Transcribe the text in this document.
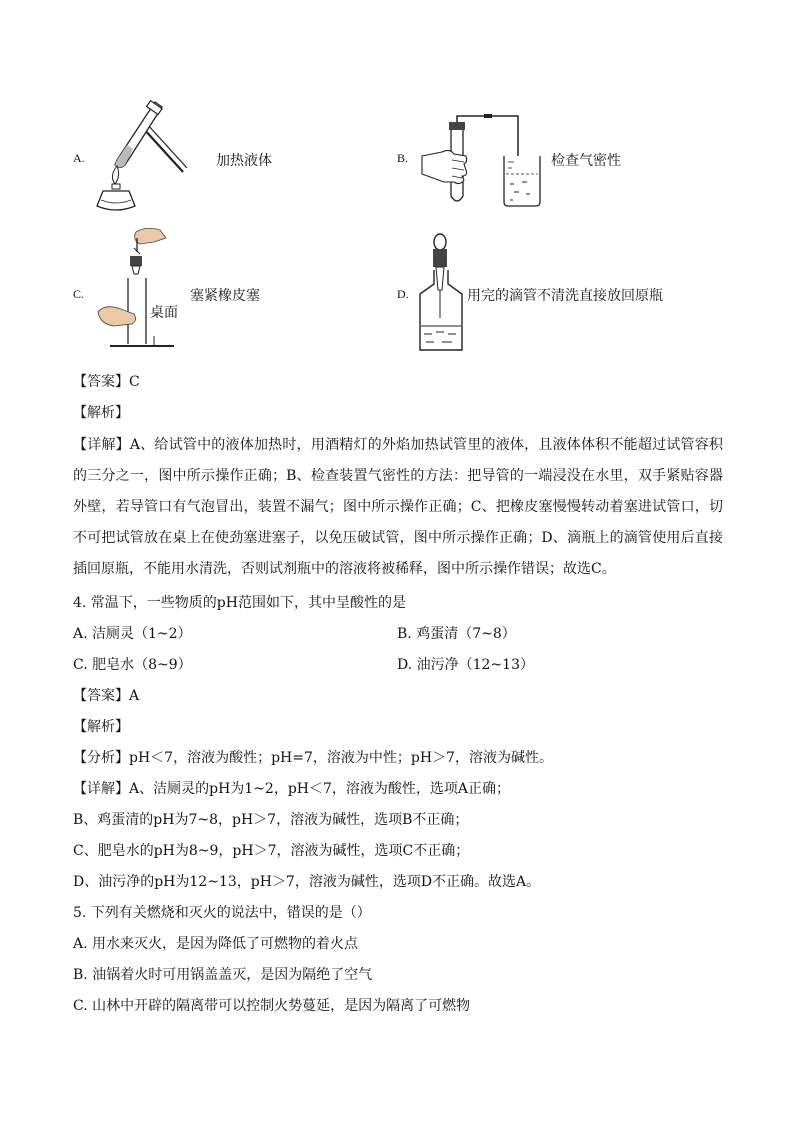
A.	加热液体	B.	检查气密性
C.	塞紧橡皮塞
桌面
D.	用完的滴管不清洗直接放回原瓶
【答案】C
【解析】
【详解】A、给试管中的液体加热时，用酒精灯的外焰加热试管里的液体，且液体体积不能超过试管容积的三分之一，图中所示操作正确；B、检查装置气密性的方法：把导管的一端浸没在水里，双手紧贴容器外壁，若导管口有气泡冒出，装置不漏气；图中所示操作正确；C、把橡皮塞慢慢转动着塞进试管口，切不可把试管放在桌上在使劲塞进塞子，以免压破试管，图中所示操作正确；D、滴瓶上的滴管使用后直接插回原瓶，不能用水清洗，否则试剂瓶中的溶液将被稀释，图中所示操作错误；故选C。
4. 常温下，一些物质的pH范围如下，其中呈酸性的是
A. 洁厕灵（1~2）	B. 鸡蛋清（7~8）
C. 肥皂水（8~9）	D. 油污净（12~13）
【答案】A
【解析】
【分析】pH＜7，溶液为酸性；pH=7，溶液为中性；pH＞7，溶液为碱性。
【详解】A、洁厕灵的pH为1~2，pH＜7，溶液为酸性，选项A正确；
B、鸡蛋清的pH为7~8，pH＞7，溶液为碱性，选项B不正确；
C、肥皂水的pH为8~9，pH＞7，溶液为碱性，选项C不正确；
D、油污净的pH为12~13，pH＞7，溶液为碱性，选项D不正确。故选A。
5. 下列有关燃烧和灭火的说法中，错误的是（）
A. 用水来灭火，是因为降低了可燃物的着火点
B. 油锅着火时可用锅盖盖灭，是因为隔绝了空气
C. 山林中开辟的隔离带可以控制火势蔓延，是因为隔离了可燃物
